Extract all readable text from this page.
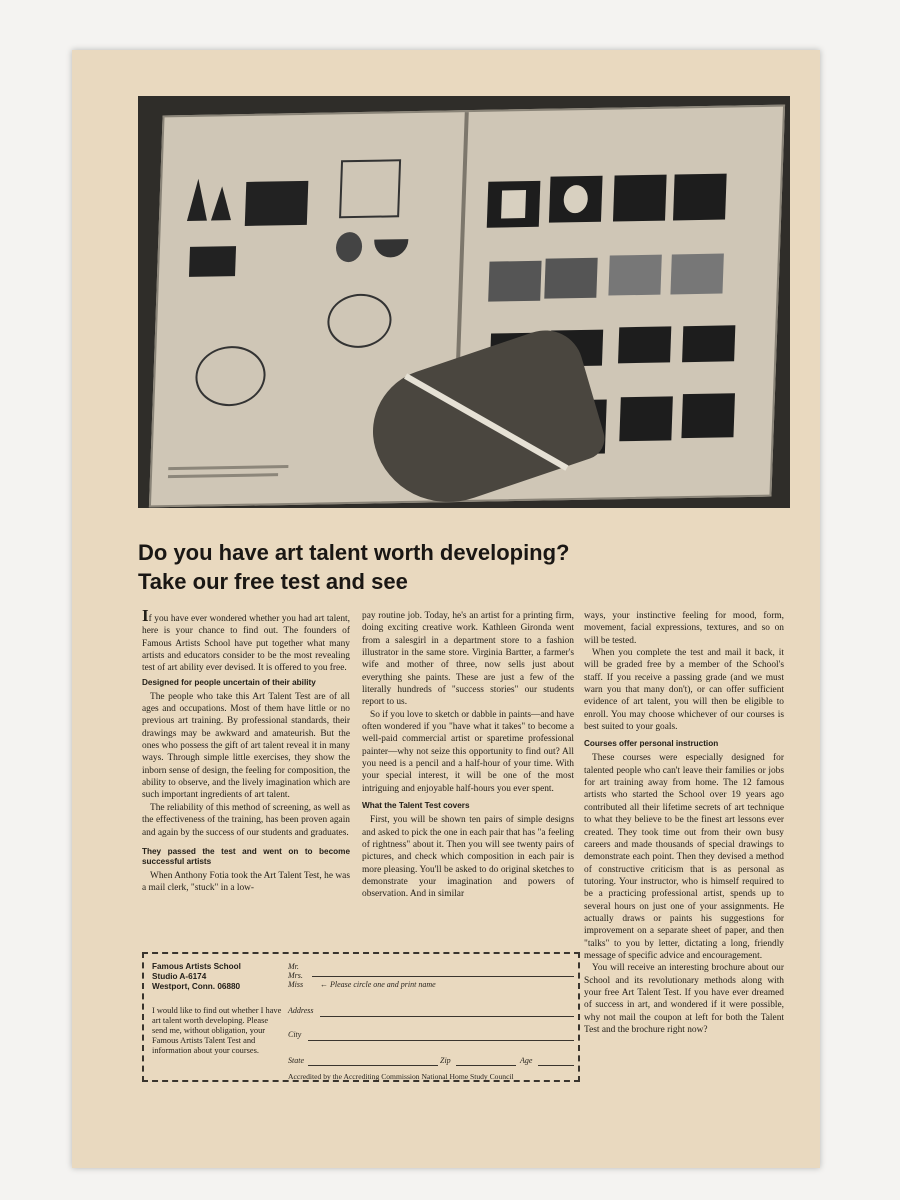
Do you have art talent worth developing?
Take our free test and see

If you have ever wondered whether you had art talent, here is your chance to find out. The founders of Famous Artists School have put together what many artists and educators consider to be the most revealing test of art ability ever devised. It is offered to you free.

Designed for people uncertain of their ability

The people who take this Art Talent Test are of all ages and occupations. Most of them have little or no previous art training. By professional standards, their drawings may be awkward and amateurish. But the ones who possess the gift of art talent reveal it in many ways. Through simple little exercises, they show the inborn sense of design, the feeling for composition, the ability to observe, and the lively imagination which are such important ingredients of art talent.

The reliability of this method of screening, as well as the effectiveness of the training, has been proven again and again by the success of our students and graduates.

They passed the test and went on to become successful artists

When Anthony Fotia took the Art Talent Test, he was a mail clerk, "stuck" in a low-

pay routine job. Today, he's an artist for a printing firm, doing exciting creative work. Kathleen Gironda went from a salesgirl in a department store to a fashion illustrator in the same store. Virginia Bartter, a farmer's wife and mother of three, now sells just about everything she paints. These are just a few of the literally hundreds of "success stories" our students report to us.

So if you love to sketch or dabble in paints—and have often wondered if you "have what it takes" to become a well-paid commercial artist or sparetime professional painter—why not seize this opportunity to find out? All you need is a pencil and a half-hour of your time. With your special interest, it will be one of the most intriguing and enjoyable half-hours you ever spent.

What the Talent Test covers

First, you will be shown ten pairs of simple designs and asked to pick the one in each pair that has "a feeling of rightness" about it. Then you will see twenty pairs of pictures, and check which composition in each pair is more pleasing. You'll be asked to do original sketches to demonstrate your imagination and powers of observation. And in similar

ways, your instinctive feeling for mood, form, movement, facial expressions, textures, and so on will be tested.

When you complete the test and mail it back, it will be graded free by a member of the School's staff. If you receive a passing grade (and we must warn you that many don't), or can offer sufficient evidence of art talent, you will then be eligible to enroll. You may choose whichever of our courses is best suited to your goals.

Courses offer personal instruction

These courses were especially designed for talented people who can't leave their families or jobs for art training away from home. The 12 famous artists who started the School over 19 years ago contributed all their lifetime secrets of art technique to what they believe to be the finest art lessons ever created. They took time out from their own busy careers and made thousands of special drawings to demonstrate each point. Then they devised a method of constructive criticism that is as personal as tutoring. Your instructor, who is himself required to be a practicing professional artist, spends up to several hours on just one of your assignments. He actually draws or paints his suggestions for improvement on a separate sheet of paper, and then "talks" to you by letter, dictating a long, friendly message of specific advice and encouragement.

You will receive an interesting brochure about our School and its revolutionary methods along with your free Art Talent Test. If you have ever dreamed of success in art, and wondered if it were possible, why not mail the coupon at left for both the Talent Test and the brochure right now?

Famous Artists School
Studio A-6174
Westport, Conn. 06880
I would like to find out whether I have art talent worth developing. Please send me, without obligation, your Famous Artists Talent Test and information about your courses.
Mr.
Mrs.
Miss ← Please circle one and print name
Address
City
State	Zip	Age
Accredited by the Accrediting Commission National Home Study Council
